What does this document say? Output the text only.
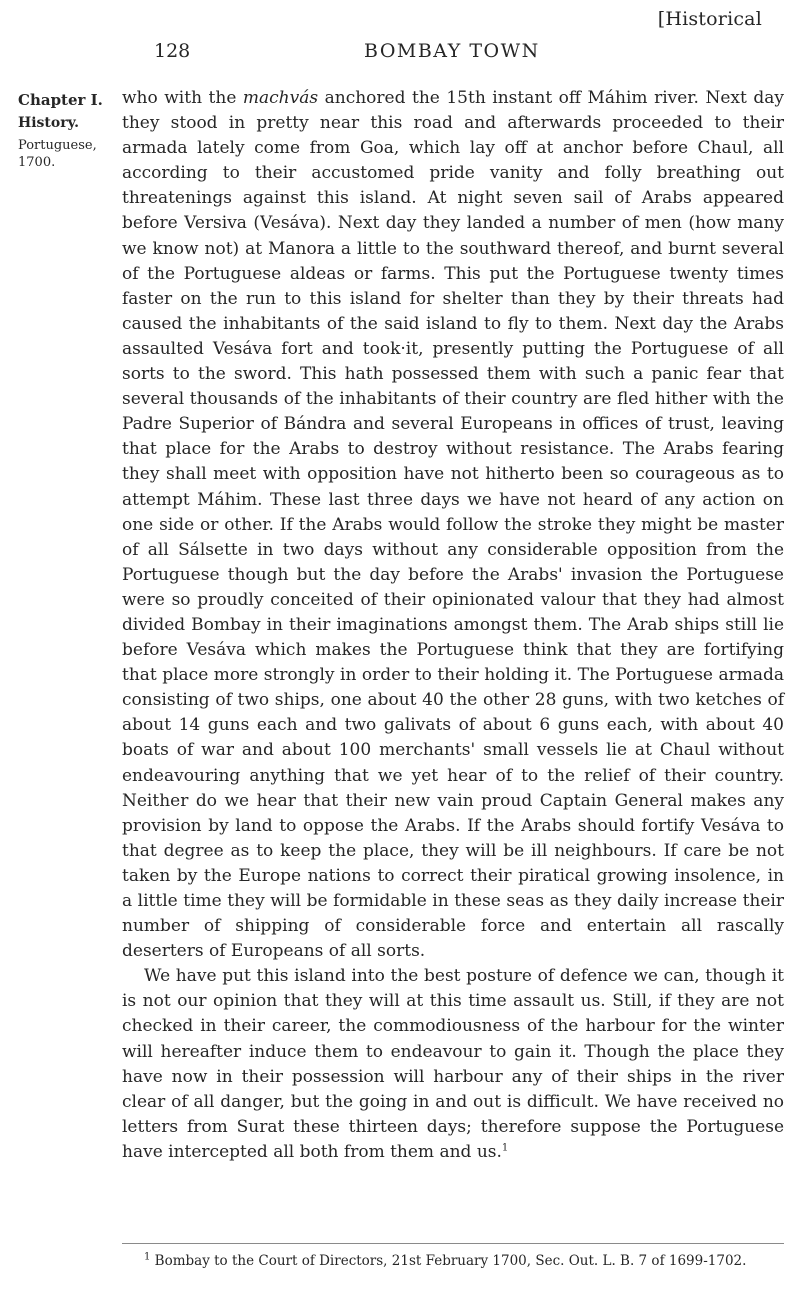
[Historical
128	BOMBAY TOWN
Chapter I.
History.
Portuguese,
1700.

who with the machvás anchored the 15th instant off Máhim river. Next day they stood in pretty near this road and afterwards proceeded to their armada lately come from Goa, which lay off at anchor before Chaul, all according to their accustomed pride vanity and folly breathing out threatenings against this island. At night seven sail of Arabs appeared before Versiva (Vesáva). Next day they landed a number of men (how many we know not) at Manora a little to the southward thereof, and burnt several of the Portuguese aldeas or farms. This put the Portuguese twenty times faster on the run to this island for shelter than they by their threats had caused the inhabitants of the said island to fly to them. Next day the Arabs assaulted Vesáva fort and took·it, presently putting the Portuguese of all sorts to the sword. This hath possessed them with such a panic fear that several thousands of the inhabitants of their country are fled hither with the Padre Superior of Bándra and several Europeans in offices of trust, leaving that place for the Arabs to destroy without resistance. The Arabs fearing they shall meet with opposition have not hitherto been so courageous as to attempt Máhim. These last three days we have not heard of any action on one side or other. If the Arabs would follow the stroke they might be master of all Sálsette in two days without any considerable opposition from the Portuguese though but the day before the Arabs' invasion the Portuguese were so proudly conceited of their opinionated valour that they had almost divided Bombay in their imaginations amongst them. The Arab ships still lie before Vesáva which makes the Portuguese think that they are fortifying that place more strongly in order to their holding it. The Portuguese armada consisting of two ships, one about 40 the other 28 guns, with two ketches of about 14 guns each and two galivats of about 6 guns each, with about 40 boats of war and about 100 merchants' small vessels lie at Chaul without endeavouring anything that we yet hear of to the relief of their country. Neither do we hear that their new vain proud Captain General makes any provision by land to oppose the Arabs. If the Arabs should fortify Vesáva to that degree as to keep the place, they will be ill neighbours. If care be not taken by the Europe nations to correct their piratical growing insolence, in a little time they will be formidable in these seas as they daily increase their number of shipping of considerable force and entertain all rascally deserters of Europeans of all sorts.

We have put this island into the best posture of defence we can, though it is not our opinion that they will at this time assault us. Still, if they are not checked in their career, the commodiousness of the harbour for the winter will hereafter induce them to endeavour to gain it. Though the place they have now in their possession will harbour any of their ships in the river clear of all danger, but the going in and out is difficult. We have received no letters from Surat these thirteen days; therefore suppose the Portuguese have intercepted all both from them and us.$^1$

$^1$ Bombay to the Court of Directors, 21st February 1700, Sec. Out. L. B. 7 of 1699-1702.
